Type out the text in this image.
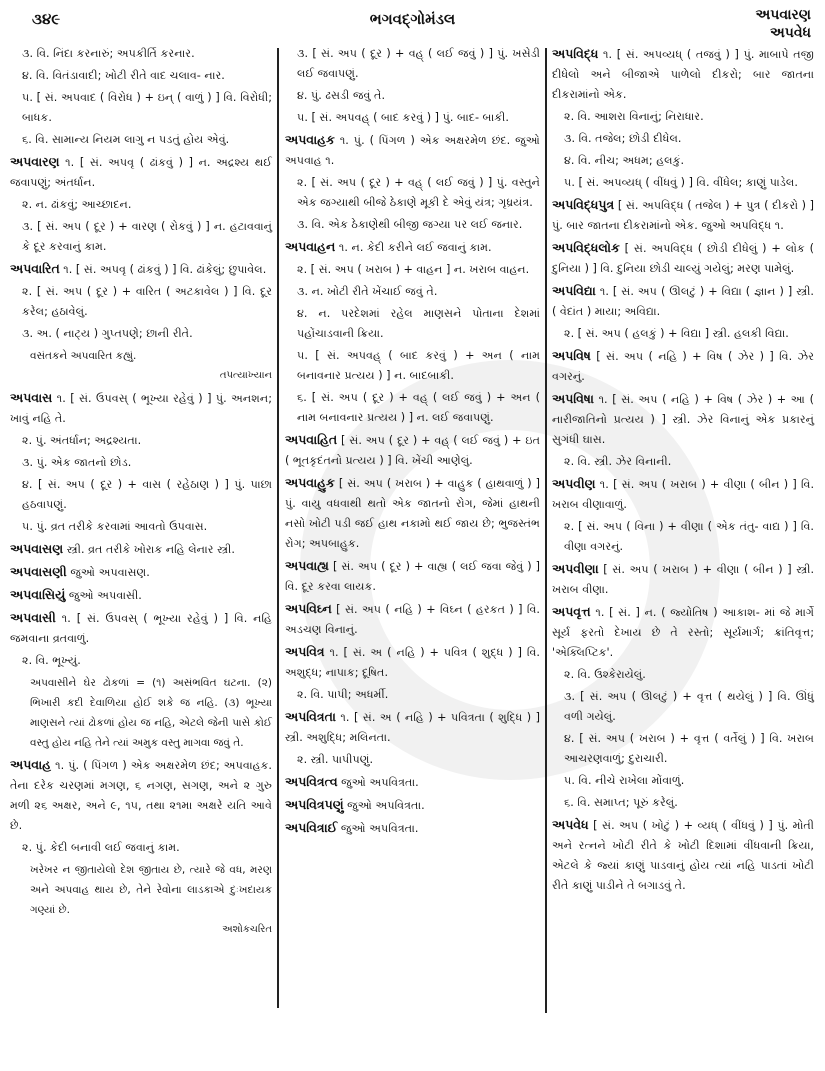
૩૪૯	ભગવદ્ગોમંડલ	અપવારણ
અપવેધ

૩. વિ. નિંદા કરનારું; અપકીર્તિ કરનાર.

૪. વિ. વિતંડાવાદી; ખોટી રીતે વાદ ચલાવ- નાર.

૫. [ સં. અપવાદ ( વિરોધ ) + ઇન્ ( વાળું ) ] વિ. વિરોધી; બાધક.

૬. વિ. સામાન્ય નિયમ લાગુ ન પડતું હોય એવું.

અપવારણ ૧. [ સં. અપવૃ ( ઢાંકવું ) ] ન. અદ્રશ્ય થઈ જવાપણું; અંતર્ધાન.

૨. ન. ઢાંકવું; આચ્છાદન.

૩. [ સં. અપ ( દૂર ) + વારણ ( રોકવું ) ] ન. હટાવવાનું કે દૂર કરવાનું કામ.

અપવારિત ૧. [ સં. અપવૃ ( ઢાંકવું ) ] વિ. ઢાંકેલું; છુપાવેલ.

૨. [ સં. અપ ( દૂર ) + વારિત ( અટકાવેલ ) ] વિ. દૂર કરેલ; હઠાવેલું.

૩. અ. ( નાટ્ય ) ગુપ્તપણે; છાની રીતે.

વસંતકને અપવારિત કહ્યું.
તપત્યાખ્યાન

અપવાસ ૧. [ સં. ઉપવસ્ ( ભૂખ્યા રહેવું ) ] પું. અનશન; ખાવું નહિ તે.

૨. પું. અંતર્ધાન; અદ્રશ્યતા.

૩. પું. એક જાતનો છોડ.

૪. [ સં. અપ ( દૂર ) + વાસ ( રહેઠાણ ) ] પું. પાછા હઠવાપણું.

૫. પું. વ્રત તરીકે કરવામાં આવતો ઉપવાસ.

અપવાસણ સ્ત્રી. વ્રત તરીકે ખોરાક નહિ લેનાર સ્ત્રી.

અપવાસણી જુઓ અપવાસણ.

અપવાસિયું જુઓ અપવાસી.

અપવાસી ૧. [ સં. ઉપવસ્ ( ભૂખ્યા રહેવું ) ] વિ. નહિ જમવાના વ્રતવાળું.

૨. વિ. ભૂખ્યું.

અપવાસીને ઘેર ઢોકળાં = (૧) અસંભવિત ઘટના. (૨) ભિખારી કદી દેવાળિયા હોઈ શકે જ નહિ. (૩) ભૂખ્યા માણસને ત્યાં ઢોકળાં હોય જ નહિ, એટલે જેની પાસે કોઈ વસ્તુ હોય નહિ તેને ત્યાં અમુક વસ્તુ માગવા જવું તે.

અપવાહ ૧. પું. ( પિંગળ ) એક અક્ષરમેળ છંદ; અપવાહક. તેના દરેક ચરણમાં મગણ, ૬ નગણ, સગણ, અને ૨ ગુરુ મળી ૨૬ અક્ષર, અને ૯, ૧૫, તથા ૨૧મા અક્ષરે યતિ આવે છે.

૨. પું. કેદી બનાવી લઈ જવાનું કામ.

ખરેખર ન જીતાયેલો દેશ જીતાય છે, ત્યારે જે વધ, મરણ અને અપવાહ થાય છે, તેને રેવોના લાડકાએ દુઃખદાયક ગણ્યાં છે.
અશોકચરિત

૩. [ સં. અપ ( દૂર ) + વહ્ ( લઈ જવું ) ] પું. ખસેડી લઈ જવાપણું.

૪. પું. ઢસડી જવું તે.

૫. [ સં. અપવહ્ ( બાદ કરવું ) ] પું. બાદ- બાકી.

અપવાહક ૧. પું. ( પિંગળ ) એક અક્ષરમેળ છંદ. જુઓ અપવાહ ૧.

૨. [ સં. અપ ( દૂર ) + વહ્ ( લઈ જવું ) ] પું. વસ્તુને એક જગ્યાથી બીજે ઠેકાણે મૂકી દે એવું યંત્ર; ગૃધ્રયંત્ર.

૩. વિ. એક ઠેકાણેથી બીજી જગ્યા પર લઈ જનાર.

અપવાહન ૧. ન. કેદી કરીને લઈ જવાનું કામ.

૨. [ સં. અપ ( ખરાબ ) + વાહન ] ન. ખરાબ વાહન.

૩. ન. ખોટી રીતે ખેંચાઈ જવું તે.

૪. ન. પરદેશમાં રહેલ માણસને પોતાના દેશમાં પહોંચાડવાની ક્રિયા.

૫. [ સં. અપવહ્ ( બાદ કરવું ) + અન ( નામ બનાવનાર પ્રત્યય ) ] ન. બાદબાકી.

૬. [ સં. અપ ( દૂર ) + વહ્ ( લઈ જવું ) + અન ( નામ બનાવનાર પ્રત્યય ) ] ન. લઈ જવાપણું.

અપવાહિત [ સં. અપ ( દૂર ) + વહ્ ( લઈ જવું ) + ઇત ( ભૂતકૃદંતનો પ્રત્યય ) ] વિ. ખેંચી આણેલું.

અપવાહુક [ સં. અપ ( ખરાબ ) + વાહુક ( હાથવાળું ) ] પું. વાયુ વધવાથી થતો એક જાતનો રોગ, જેમાં હાથની નસો ખોટી પડી જઈ હાથ નકામો થઈ જાય છે; ભુજસ્તંભ રોગ; અપબાહુક.

અપવાહ્ય [ સં. અપ ( દૂર ) + વાહ્ય ( લઈ જવા જેવું ) ] વિ. દૂર કરવા લાયક.

અપવિઘ્ન [ સં. અપ ( નહિ ) + વિઘ્ન ( હરકત ) ] વિ. અડચણ વિનાનું.

અપવિત્ર ૧. [ સં. અ ( નહિ ) + પવિત્ર ( શુદ્ધ ) ] વિ. અશુદ્ધ; નાપાક; દૂષિત.

૨. વિ. પાપી; અધર્મી.

અપવિત્રતા ૧. [ સં. અ ( નહિ ) + પવિત્રતા ( શુદ્ધિ ) ] સ્ત્રી. અશુદ્ધિ; મલિનતા.

૨. સ્ત્રી. પાપીપણું.

અપવિત્રત્વ જુઓ અપવિત્રતા.

અપવિત્રપણું જુઓ અપવિત્રતા.

અપવિત્રાઈ જુઓ અપવિત્રતા.

અપવિદ્ધ ૧. [ સં. અપવ્યધ્ ( તજવું ) ] પું. માબાપે તજી દીધેલો અને બીજાએ પાળેલો દીકરો; બાર જાતના દીકરામાંનો એક.

૨. વિ. આશરા વિનાનું; નિરાધાર.

૩. વિ. તજેલ; છોડી દીધેલ.

૪. વિ. નીચ; અધમ; હલકું.

૫. [ સં. અપવ્યધ્ ( વીંધવું ) ] વિ. વીંધેલ; કાણું પાડેલ.

અપવિદ્ધપુત્ર [ સં. અપવિદ્ધ ( તજેલ ) + પુત્ર ( દીકરો ) ] પું. બાર જાતના દીકરામાંનો એક. જુઓ અપવિદ્ધ ૧.

અપવિદ્ધલોક [ સં. અપવિદ્ધ ( છોડી દીધેલું ) + લોક ( દુનિયા ) ] વિ. દુનિયા છોડી ચાલ્યું ગયેલું; મરણ પામેલું.

અપવિદ્યા ૧. [ સં. અપ ( ઊલટું ) + વિદ્યા ( જ્ઞાન ) ] સ્ત્રી. ( વેદાંત ) માયા; અવિદ્યા.

૨. [ સં. અપ ( હલકું ) + વિદ્યા ] સ્ત્રી. હલકી વિદ્યા.

અપવિષ [ સં. અપ ( નહિ ) + વિષ ( ઝેર ) ] વિ. ઝેર વગરનું.

અપવિષા ૧. [ સં. અપ ( નહિ ) + વિષ ( ઝેર ) + આ ( નારીજાતિનો પ્રત્યય ) ] સ્ત્રી. ઝેર વિનાનું એક પ્રકારનું સુગંધી ઘાસ.

૨. વિ. સ્ત્રી. ઝેર વિનાની.

અપવીણ ૧. [ સં. અપ ( ખરાબ ) + વીણા ( બીન ) ] વિ. ખરાબ વીણાવાળું.

૨. [ સં. અપ ( વિના ) + વીણા ( એક તંતુ- વાદ્ય ) ] વિ. વીણા વગરનું.

અપવીણા [ સં. અપ ( ખરાબ ) + વીણા ( બીન ) ] સ્ત્રી. ખરાબ વીણા.

અપવૃત્ત ૧. [ સં. ] ન. ( જ્યોતિષ ) આકાશ- માં જે માર્ગે સૂર્ય ફરતો દેખાય છે તે રસ્તો; સૂર્યમાર્ગ; ક્રાંતિવૃત્ત; 'એક્લિપ્ટિક'.

૨. વિ. ઉશ્કેરાયેલું.

૩. [ સં. અપ ( ઊલટું ) + વૃત્ત ( થયેલું ) ] વિ. ઊંધું વળી ગયેલું.

૪. [ સં. અપ ( ખરાબ ) + વૃત્ત ( વર્તેલું ) ] વિ. ખરાબ આચરણવાળું; દુરાચારી.

૫. વિ. નીચે રાખેલા મોંવાળું.

૬. વિ. સમાપ્ત; પૂરું કરેલું.

અપવેધ [ સં. અપ ( ખોટું ) + વ્યધ્ ( વીંધવું ) ] પું. મોતી અને રત્નને ખોટી રીતે કે ખોટી દિશામાં વીંધવાની ક્રિયા, એટલે કે જ્યાં કાણું પાડવાનું હોય ત્યાં નહિ પાડતાં ખોટી રીતે કાણું પાડીને તે બગાડવું તે.
